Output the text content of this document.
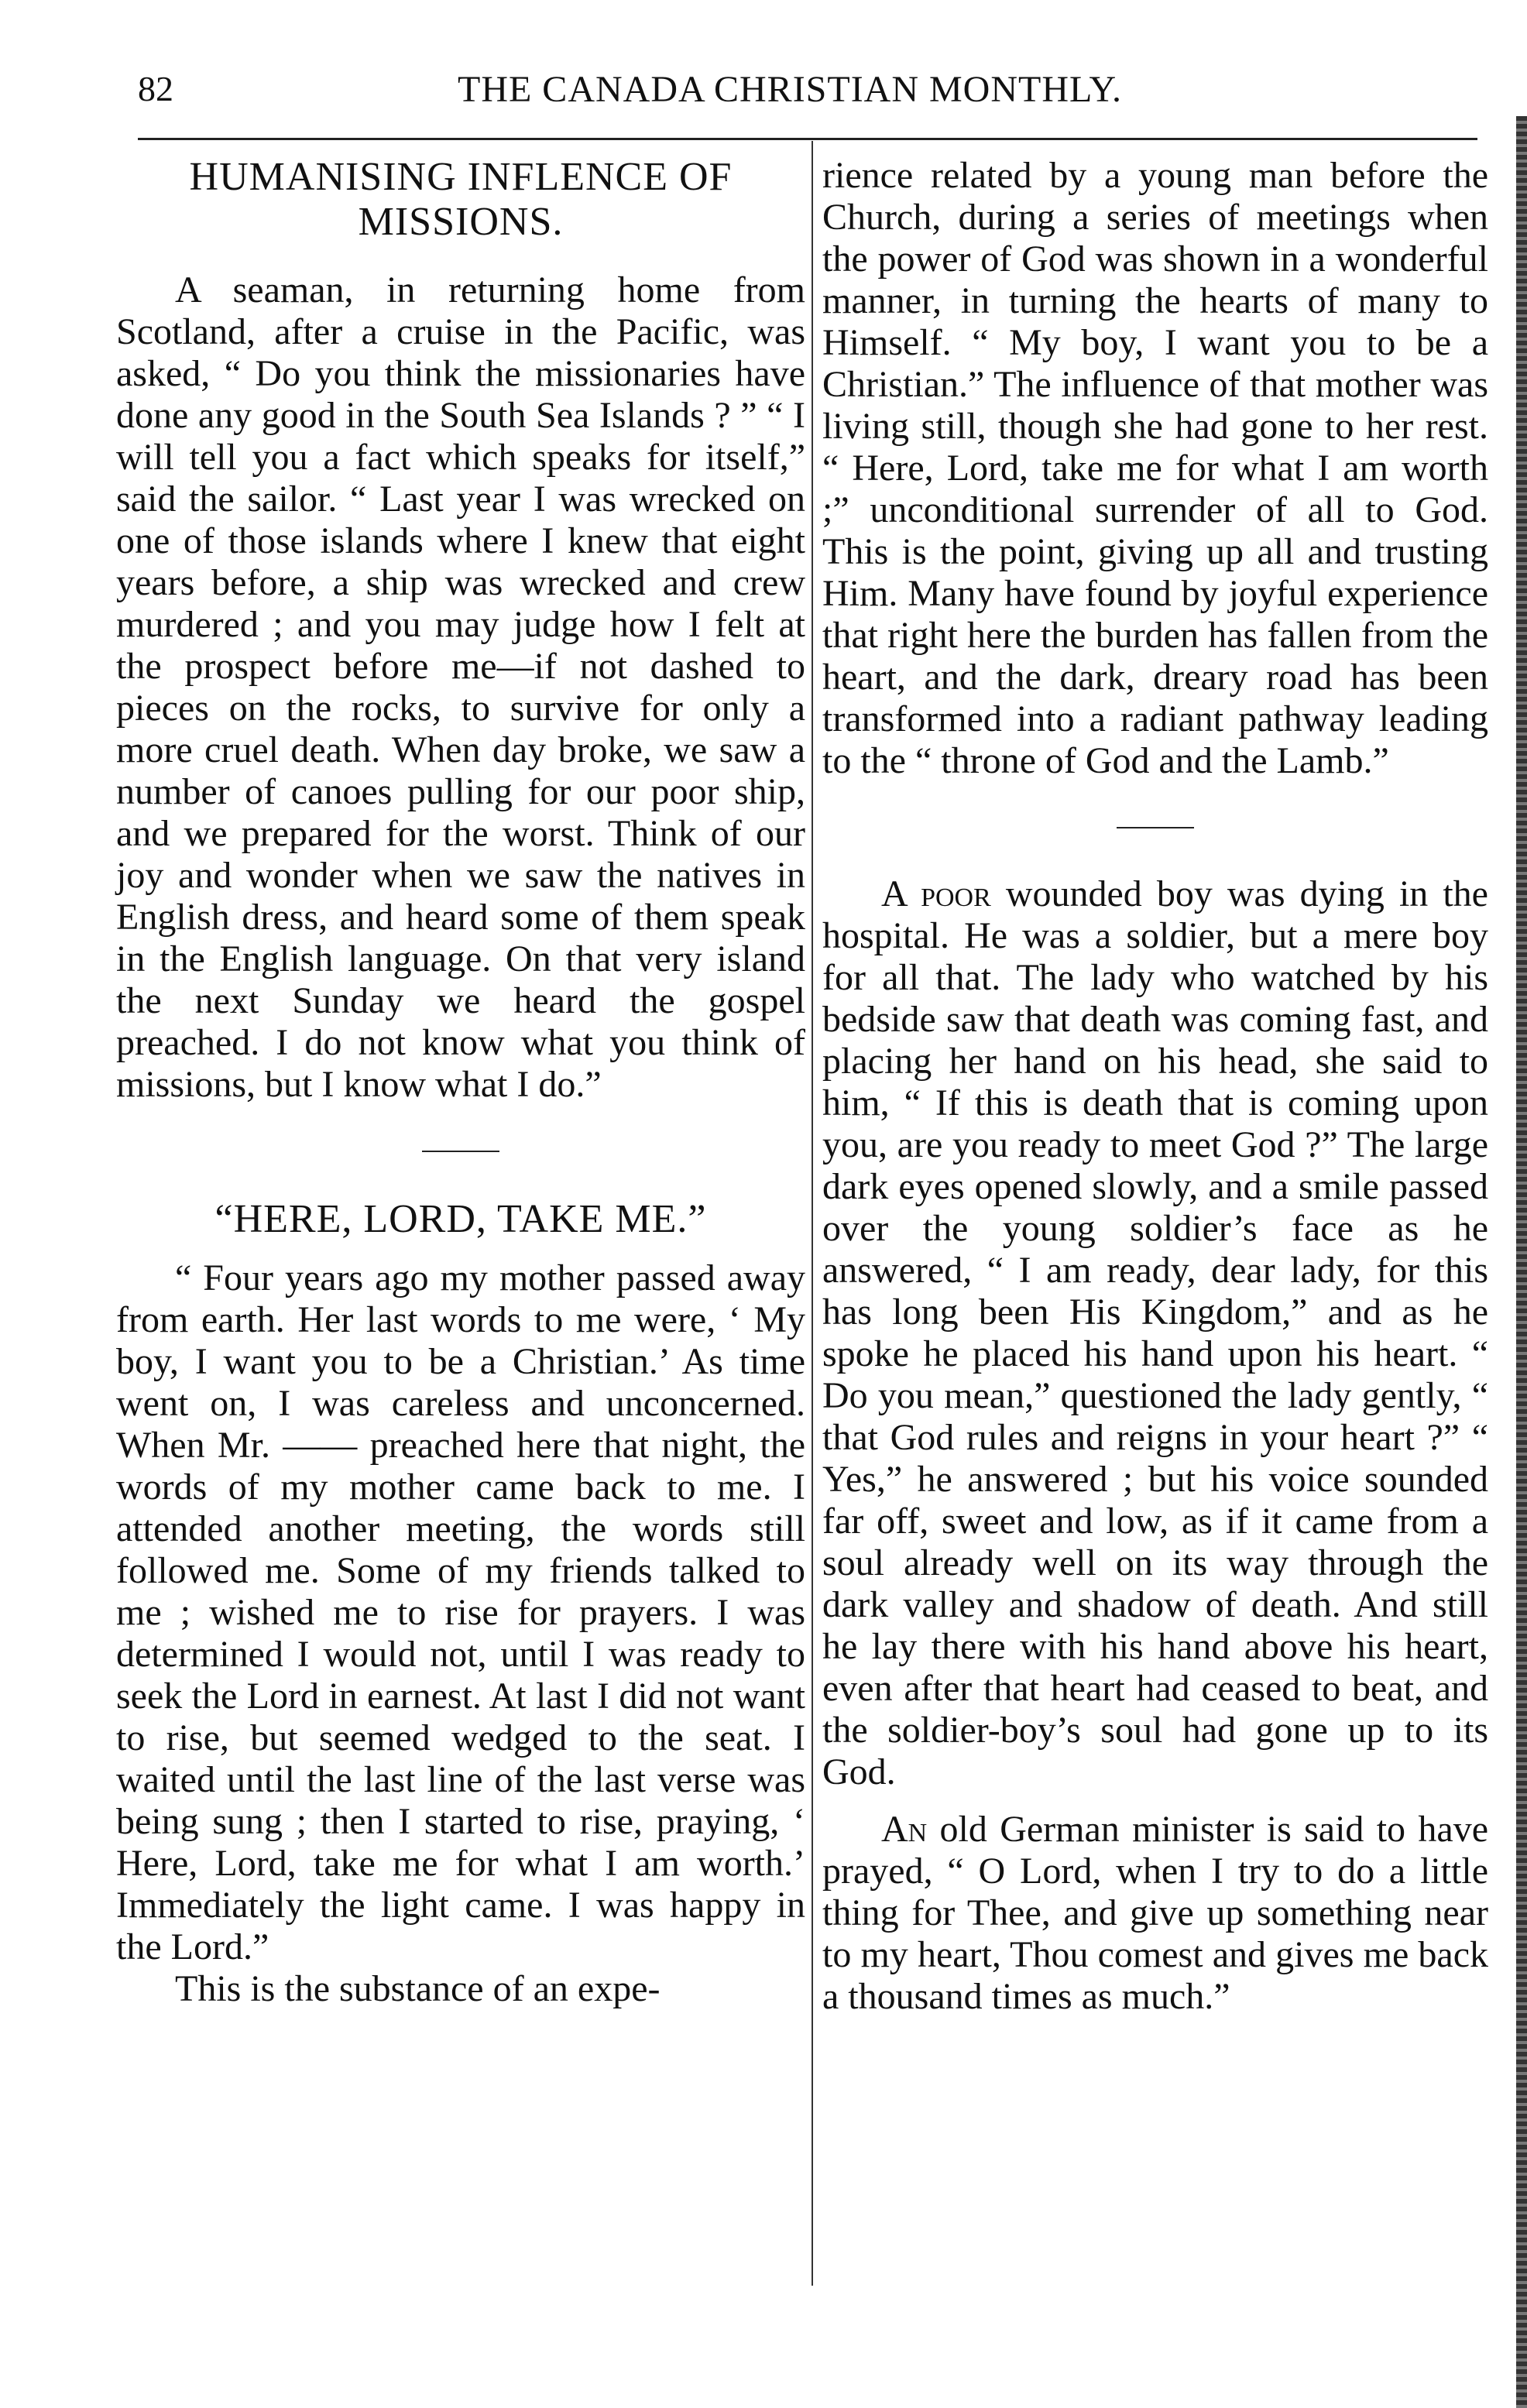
82	THE CANADA CHRISTIAN MONTHLY.
HUMANISING INFLENCE OF MISSIONS.

A seaman, in returning home from Scotland, after a cruise in the Pacific, was asked, “ Do you think the missionaries have done any good in the South Sea Islands ? ” “ I will tell you a fact which speaks for itself,” said the sailor. “ Last year I was wrecked on one of those islands where I knew that eight years before, a ship was wrecked and crew murdered ; and you may judge how I felt at the prospect before me—if not dashed to pieces on the rocks, to survive for only a more cruel death. When day broke, we saw a number of canoes pulling for our poor ship, and we prepared for the worst. Think of our joy and wonder when we saw the natives in English dress, and heard some of them speak in the English language. On that very island the next Sunday we heard the gospel preached. I do not know what you think of missions, but I know what I do.”

“HERE, LORD, TAKE ME.”

“ Four years ago my mother passed away from earth. Her last words to me were, ‘ My boy, I want you to be a Christian.’ As time went on, I was careless and unconcerned. When Mr. —— preached here that night, the words of my mother came back to me. I attended another meeting, the words still followed me. Some of my friends talked to me ; wished me to rise for prayers. I was determined I would not, until I was ready to seek the Lord in earnest. At last I did not want to rise, but seemed wedged to the seat. I waited until the last line of the last verse was being sung ; then I started to rise, praying, ‘ Here, Lord, take me for what I am worth.’ Immediately the light came. I was happy in the Lord.”

This is the substance of an expe-

rience related by a young man before the Church, during a series of meetings when the power of God was shown in a wonderful manner, in turning the hearts of many to Himself. “ My boy, I want you to be a Christian.” The influence of that mother was living still, though she had gone to her rest. “ Here, Lord, take me for what I am worth ;” unconditional surrender of all to God. This is the point, giving up all and trusting Him. Many have found by joyful experience that right here the burden has fallen from the heart, and the dark, dreary road has been transformed into a radiant pathway leading to the “ throne of God and the Lamb.”

A poor wounded boy was dying in the hospital. He was a soldier, but a mere boy for all that. The lady who watched by his bedside saw that death was coming fast, and placing her hand on his head, she said to him, “ If this is death that is coming upon you, are you ready to meet God ?” The large dark eyes opened slowly, and a smile passed over the young soldier’s face as he answered, “ I am ready, dear lady, for this has long been His Kingdom,” and as he spoke he placed his hand upon his heart. “ Do you mean,” questioned the lady gently, “ that God rules and reigns in your heart ?” “ Yes,” he answered ; but his voice sounded far off, sweet and low, as if it came from a soul already well on its way through the dark valley and shadow of death. And still he lay there with his hand above his heart, even after that heart had ceased to beat, and the soldier-boy’s soul had gone up to its God.

An old German minister is said to have prayed, “ O Lord, when I try to do a little thing for Thee, and give up something near to my heart, Thou comest and gives me back a thousand times as much.”
